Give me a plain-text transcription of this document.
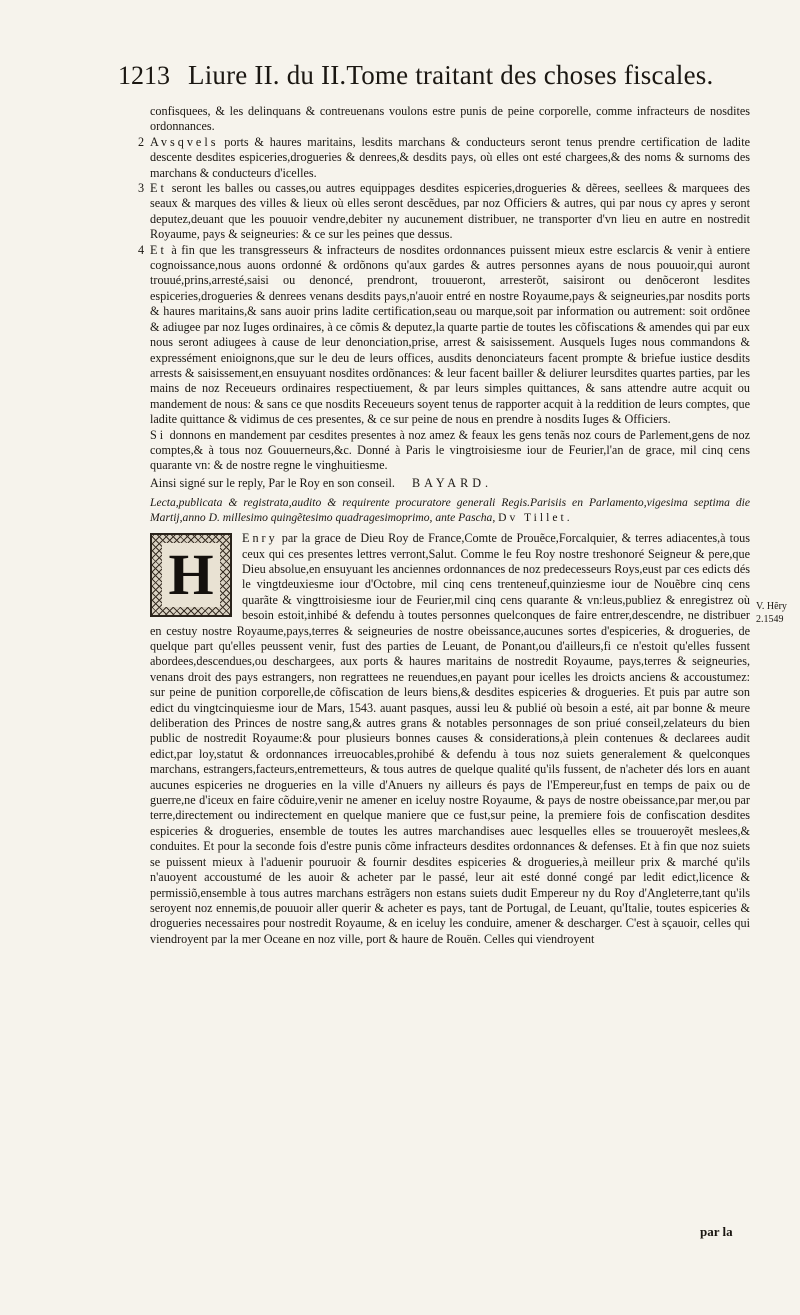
1213 Liure II. du II.Tome traitant des choses fiscales.

confisquees, & les delinquans & contreuenans voulons estre punis de peine corporelle, comme infracteurs de nosdites ordonnances.

2 Avsqvels ports & haures maritains, lesdits marchans & conducteurs seront tenus prendre certification de ladite descente desdites espiceries,drogueries & denrees,& desdits pays, où elles ont esté chargees,& des noms & surnoms des marchans & conducteurs d'icelles.

3 Et seront les balles ou casses,ou autres equippages desdites espiceries,drogueries & dẽrees, seellees & marquees des seaux & marques des villes & lieux où elles seront descẽdues, par noz Officiers & autres, qui par nous cy apres y seront deputez,deuant que les pouuoir vendre,debiter ny aucunement distribuer, ne transporter d'vn lieu en autre en nostredit Royaume, pays & seigneuries: & ce sur les peines que dessus.

4 Et à fin que les transgresseurs & infracteurs de nosdites ordonnances puissent mieux estre esclarcis & venir à entiere cognoissance,nous auons ordonné & ordõnons qu'aux gardes & autres personnes ayans de nous pouuoir,qui auront trouué,prins,arresté,saisi ou denoncé, prendront, trouueront, arresterõt, saisiront ou denõceront lesdites espiceries,drogueries & denrees venans desdits pays,n'auoir entré en nostre Royaume,pays & seigneuries,par nosdits ports & haures maritains,& sans auoir prins ladite certification,seau ou marque,soit par information ou autrement: soit ordõnee & adiugee par noz Iuges ordinaires, à ce cõmis & deputez,la quarte partie de toutes les cõfiscations & amendes qui par eux nous seront adiugees à cause de leur denonciation,prise, arrest & saisissement. Ausquels Iuges nous commandons & expressément enioignons,que sur le deu de leurs offices, ausdits denonciateurs facent prompte & briefue iustice desdits arrests & saisissement,en ensuyuant nosdites ordõnances: & leur facent bailler & deliurer leursdites quartes parties, par les mains de noz Receueurs ordinaires respectiuement, & par leurs simples quittances, & sans attendre autre acquit ou mandement de nous: & sans ce que nosdits Receueurs soyent tenus de rapporter acquit à la reddition de leurs comptes, que ladite quittance & vidimus de ces presentes, & ce sur peine de nous en prendre à nosdits Iuges & Officiers.

Si donnons en mandement par cesdites presentes à noz amez & feaux les gens tenãs noz cours de Parlement,gens de noz comptes,& à tous noz Gouuerneurs,&c. Donné à Paris le vingtroisiesme iour de Feurier,l'an de grace, mil cinq cens quarante vn: & de nostre regne le vinghuitiesme.

Ainsi signé sur le reply, Par le Roy en son conseil. BAYARD.

Lecta,publicata & registrata,audito & requirente procuratore generali Regis.Parisiis en Parlamento,vigesima septima die Martij,anno D. millesimo quingẽtesimo quadragesimoprimo, ante Pascha, Dv Tillet.

H
Enry par la grace de Dieu Roy de France,Comte de Prouẽce,Forcalquier, & terres adiacentes,à tous ceux qui ces presentes lettres verront,Salut. Comme le feu Roy nostre treshonoré Seigneur & pere,que Dieu absolue,en ensuyuant les anciennes ordonnances de noz predecesseurs Roys,eust par ces edicts dés le vingtdeuxiesme iour d'Octobre, mil cinq cens trenteneuf,quinziesme iour de Nouẽbre cinq cens quarãte & vingttroisiesme iour de Feurier,mil cinq cens quarante & vn:leus,publiez & enregistrez où besoin estoit,inhibé & defendu à toutes personnes quelconques de faire entrer,descendre, ne distribuer en cestuy nostre Royaume,pays,terres & seigneuries de nostre obeissance,aucunes sortes d'espiceries, & drogueries, de quelque part qu'elles peussent venir, fust des parties de Leuant, de Ponant,ou d'ailleurs,fi ce n'estoit qu'elles fussent abordees,descendues,ou deschargees, aux ports & haures maritains de nostredit Royaume, pays,terres & seigneuries, venans droit des pays estrangers, non regrattees ne reuendues,en payant pour icelles les droicts anciens & accoustumez: sur peine de punition corporelle,de cõfiscation de leurs biens,& desdites espiceries & drogueries. Et puis par autre son edict du vingtcinquiesme iour de Mars, 1543. auant pasques, aussi leu & publié où besoin a esté, ait par bonne & meure deliberation des Princes de nostre sang,& autres grans & notables personnages de son priué conseil,zelateurs du bien public de nostredit Royaume:& pour plusieurs bonnes causes & considerations,à plein contenues & declarees audit edict,par loy,statut & ordonnances irreuocables,prohibé & defendu à tous noz suiets generalement & quelconques marchans, estrangers,facteurs,entremetteurs, & tous autres de quelque qualité qu'ils fussent, de n'acheter dés lors en auant aucunes espiceries ne drogueries en la ville d'Anuers ny ailleurs és pays de l'Empereur,fust en temps de paix ou de guerre,ne d'iceux en faire cõduire,venir ne amener en iceluy nostre Royaume, & pays de nostre obeissance,par mer,ou par terre,directement ou indirectement en quelque maniere que ce fust,sur peine, la premiere fois de confiscation desdites espiceries & drogueries, ensemble de toutes les autres marchandises auec lesquelles elles se trouueroyẽt meslees,& conduites. Et pour la seconde fois d'estre punis cõme infracteurs desdites ordonnances & defenses. Et à fin que noz suiets se puissent mieux à l'aduenir pouruoir & fournir desdites espiceries & drogueries,à meilleur prix & marché qu'ils n'auoyent accoustumé de les auoir & acheter par le passé, leur ait esté donné congé par ledit edict,licence & permissiõ,ensemble à tous autres marchans estrãgers non estans suiets dudit Empereur ny du Roy d'Angleterre,tant qu'ils seroyent noz ennemis,de pouuoir aller querir & acheter es pays, tant de Portugal, de Leuant, qu'Italie, toutes espiceries & drogueries necessaires pour nostredit Royaume, & en iceluy les conduire, amener & descharger. C'est à sçauoir, celles qui viendroyent par la mer Oceane en noz ville, port & haure de Rouën. Celles qui viendroyent

V. Hẽry 2.1549
par la
